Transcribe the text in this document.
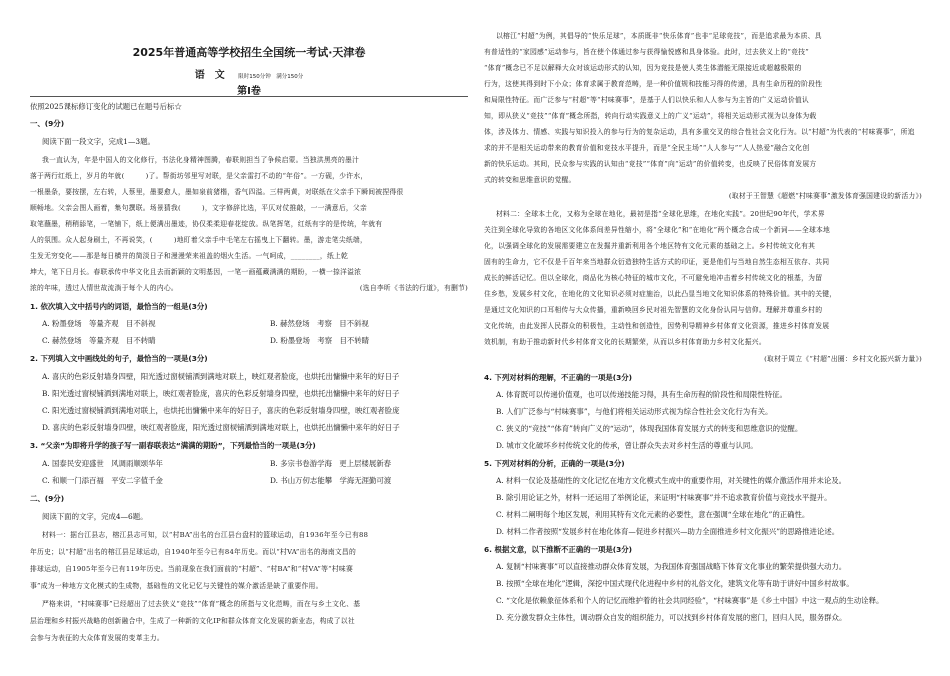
2025年普通高等学校招生全国统一考试·天津卷
语　文 限时150分钟　满分150分
第Ⅰ卷
依照2025课标修订变化的试题已在题号后标☆
一、(9分)
阅读下面一段文字，完成1—3题。
我一直认为，年是中国人的文化修行，书法化身精神图腾，春联则担当了争候启蒙。当独洪黑亮的墨汁
落于两行红纸上，岁月的年就(　　　)了。帮街坊邻里写对联，是父亲雷打不动的“年俗”。一方砚，少许水，
一根墨条，要按摆，左右转，人蔡里，墨要愈人，墨如泉前猪楷，香气四溢。三样两黄，对联纸在父亲手下瞬间被捏得很
顺畅地。父亲会图人画着，集句撰联。场景猜我(　　　)，文字修辞比选，平仄对仗推敲，一一满意后，父亲
取笔蘸墨，稍稍舔笔，一笔铺下，纸上便满出墨迹，协仅柔柔迎春花绽放。纵笔挥笔，红纸有字的是传统，年就有
人的氛围。众人起身刷土，不再说笑，(　　　)地盯着父亲手中毛笔左右摇曳上下翻转。墨，游走笔尖纸端，
生发无穷变化——那是每日横井的简淡日子和漫漫荣来祖盖的烟火生活。一气呵成，________，纸上乾
坤大，笔下日月长。春联承传中华文化且去而新颖的文明基因，一笔一画蕴藏满满的期盼，一横一捺洋溢浓
浓的年味，透过人情世故流淌于每个人的内心。	(选自李昕《书法的行道》，有删节)
1. 依次填入文中括号内的词语，最恰当的一组是(3分)
A. 粉墨登场　等量齐观　目不斜视	B. 赫然登场　考察　目不斜视
C. 赫然登场　等量齐观　目不转睛	D. 粉墨登场　考察　目不转睛
2. 下列填入文中画线处的句子，最恰当的一项是(3分)
A. 喜庆的色彩反射墙身四壁，阳光透过窗棂铺洒到满地对联上，映红观者脸庞，也烘托出慵懒中来年的好日子
B. 阳光透过窗棂铺洒到满地对联上，映红观者脸庞，喜庆的色彩反射墙身四壁，也烘托出慵懒中来年的好日子
C. 阳光透过窗棂铺洒到满地对联上，也烘托出慵懒中来年的好日子，喜庆的色彩反射墙身四壁，映红观者脸庞
D. 喜庆的色彩反射墙身四壁，映红观者脸庞，阳光透过窗棂铺洒到满地对联上，也烘托出慵懒中来年的好日子
3. “父亲”为即将升学的孩子写一副春联表达“满满的期盼”，下列最恰当的一项是(3分)
A. 国泰民安迎盛世　风调雨顺颂华年	B. 多宗书卷游学海　更上层楼展新春
C. 和顺一门添百福　平安二字值千金	D. 书山万仞志能攀　学海无涯勤可渡
二、(9分)
阅读下面的文字，完成4—6题。
材料一：据台江县志，榕江县志可知，以“村BA”出名的台江县台盘村的篮球运动，自1936年至今已有88
年历史；以“村超”出名的榕江县足球运动，自1940年至今已有84年历史。而以“村VA”出名的海南文昌的
排球运动，自1905年至今已有119年历史。当前现象在我们面前的“村超”、“村BA”和“村VA”等“村味赛
事”成为一种地方文化模式的生成物，基础性的文化记忆与关键性的媒介激活是缺了重要作用。
严格来讲，“村味赛事”已经超出了过去狭义“竞技”“体育”概念的所指与文化范畴，而在与乡土文化、基
层治理和乡村振兴战略的创新融合中，生成了一种新的文化IP和群众体育文化发展的新业态，构成了以社
会参与为表征的大众体育发展的变革主力。
以榕江“村超”为例，其倡导的“快乐足球”，本质既非“快乐体育”也非“足球竞技”，而是追求最为本质、具
有普适性的“家园感”运动参与，旨在使个体通过参与获得愉悦感和具身体验。此时，过去狭义上的“竞技”
“体育”概念已不足以解释大众对该运动形式的认知，因为竞技是使人类生体潜能无限接近或超越极限的
行为，这使其得到时下小众；体育求属于教育范畴，是一种价值规和技能习得的传递，具有生命历程的阶段性
和局限性特征。而广泛参与“村超”等“村味赛事”，是基于人们以快乐和人人参与为主旨的广义运动价值认
知，即从狭义“竞技”“体育”概念所指，转向行动实践意义上的广义“运动”，将相关运动形式视为以身体为载
体，涉及体力、情感、实践与知识投入的参与行为的复杂运动，具有多重交叉的综合性社会文化行为。以“村超”为代表的“村味赛事”，所追
求的并不是相关运动带来的教育价值和竞技水平提升，而是“全民主场”“人人参与”“人人热爱”融合文化创
新的快乐运动。其间，民众参与实践的认知由“竞技”“体育”向“运动”的价值转变，也反映了民俗体育发展方
式的转变和思维意识的觉醒。
(取材于王智慧《超燃“村味赛事”激发体育强国建设的新活力》)
材料二：全球本土化，又称为全球在地化，最初是指“全球化思维，在地化实践”。20世纪90年代，学术界
关注到全球化导致的各地区文化体系间差异性缩小，将“全球化”和“在地化”两个概念合成一个新词——全球本地
化，以强调全球化的发展需要建立在发掘并重新利用各个地区特有文化元素的基础之上。乡村传统文化有其
固有的生命力，它不仅是千百年来当地群众衍造独特生活方式的印证，更是他们与当地自然生态相互依存、共同
成长的鲜活记忆。但以全球化，商品化为核心特征的城市文化，不可避免地冲击着乡村传统文化的根基，为留
住乡愁，发展乡村文化，在地化的文化知识必须对症施治，以此凸显当地文化知识体系的特殊价值。其中的关键，
是通过文化知识的口耳相传与大众传播，重新唤回乡民对祖先智慧的文化身份认同与信仰。理解并尊重乡村的
文化传统，由此发挥人民群众的积极性，主动性和创造性，因势利导精神乡村体育文化资源，推进乡村体育发展
效机制，有助于推动新时代乡村体育文化的长期繁荣，从而以乡村体育助力乡村文化振兴。
(取材于周立《“村超”出圈：乡村文化振兴新力量》)
4. 下列对材料的理解，不正确的一项是(3分)
A. 体育既可以传递价值观，也可以传递技能习得，具有生命历程的阶段性和局限性特征。
B. 人们广泛参与“村味赛事”，与他们将相关运动形式视为综合性社会文化行为有关。
C. 狭义的“竞技”“体育”转向广义的“运动”，体现我国体育发展方式的转变和思维意识的觉醒。
D. 城市文化破坏乡村传统文化的传承，曾让群众失去对乡村生活的尊重与认同。
5. 下列对材料的分析，正确的一项是(3分)
A. 材料一仅论及基础性的文化记忆在地方文化模式生成中的重要作用，对关键性的媒介激活作用并未论及。
B. 除引用论证之外，材料一还运用了举例论证，来证明“村味赛事”并不追求教育价值与竞技水平提升。
C. 材料二阐明每个地区发展，利用其特有文化元素的必要性，意在强调“全球在地化”的正确性。
D. 材料二作者按照“发展乡村在地化体育—促进乡村振兴—助力全面推进乡村文化振兴”的思路推进论述。
6. 根据文意，以下推断不正确的一项是(3分)
A. 复制“村味赛事”可以直接推动群众体育发展，为我国体育强国战略下体育文化事业的繁荣提供强大动力。
B. 按照“全球在地化”逻辑，深挖中国式现代化进程中乡村的礼俗文化，建筑文化等有助于讲好中国乡村故事。
C. “文化是依赖象征体系和个人的记忆而维护着的社会共同经验”，“村味赛事”是《乡土中国》中这一观点的生动诠释。
D. 充分激发群众主体性，调动群众自发的组织能力，可以找到乡村体育发展的密门，回归人民，服务群众。
